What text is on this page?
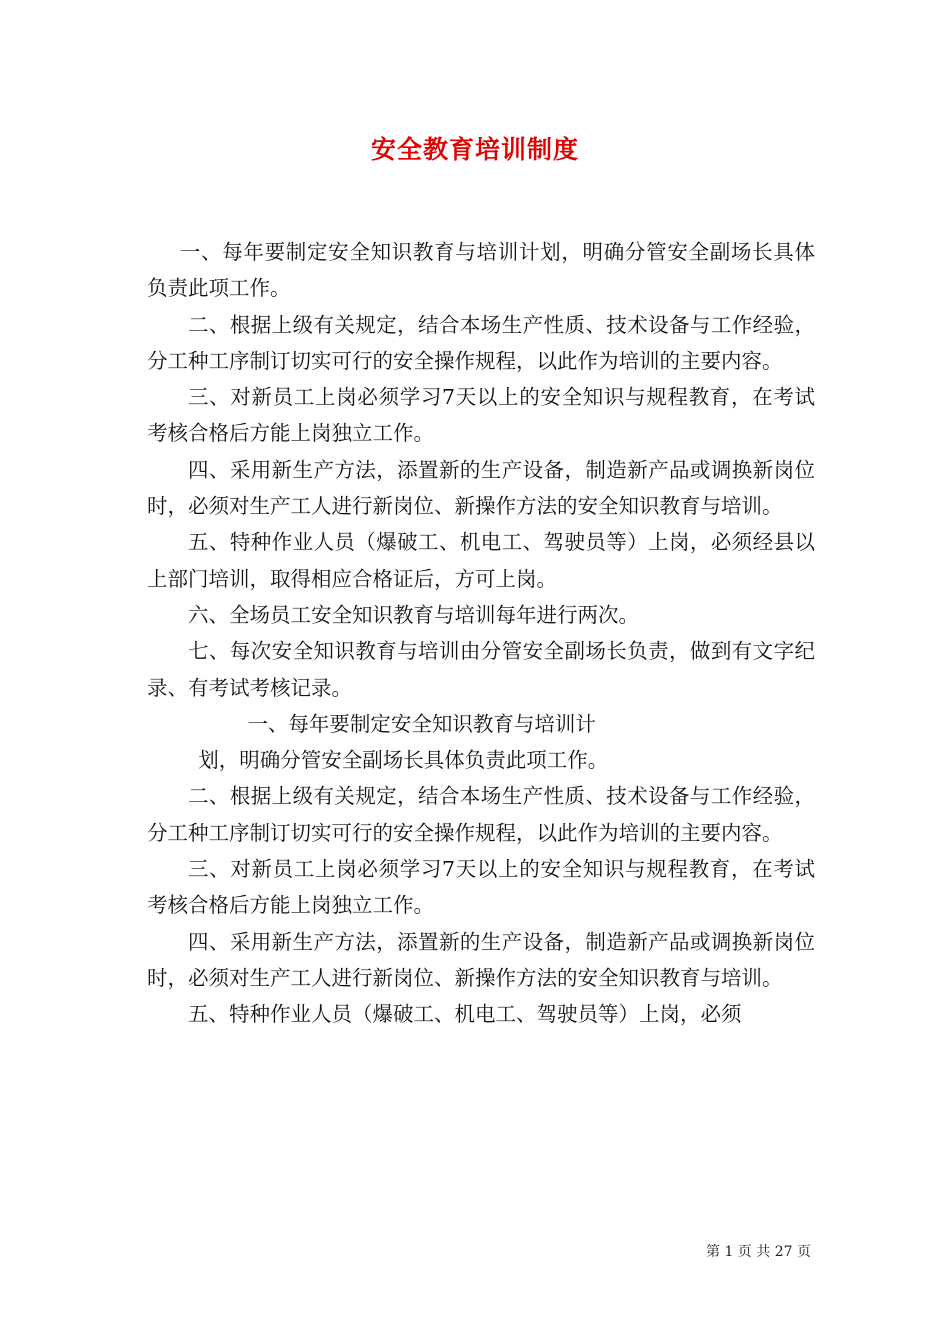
安全教育培训制度

一、每年要制定安全知识教育与培训计划，明确分管安全副场长具体负责此项工作。

二、根据上级有关规定，结合本场生产性质、技术设备与工作经验，分工种工序制订切实可行的安全操作规程，以此作为培训的主要内容。

三、对新员工上岗必须学习7天以上的安全知识与规程教育，在考试考核合格后方能上岗独立工作。

四、采用新生产方法，添置新的生产设备，制造新产品或调换新岗位时，必须对生产工人进行新岗位、新操作方法的安全知识教育与培训。

五、特种作业人员（爆破工、机电工、驾驶员等）上岗，必须经县以上部门培训，取得相应合格证后，方可上岗。

六、全场员工安全知识教育与培训每年进行两次。

七、每次安全知识教育与培训由分管安全副场长负责，做到有文字纪录、有考试考核记录。

一、每年要制定安全知识教育与培训计

划，明确分管安全副场长具体负责此项工作。

二、根据上级有关规定，结合本场生产性质、技术设备与工作经验，分工种工序制订切实可行的安全操作规程，以此作为培训的主要内容。

三、对新员工上岗必须学习7天以上的安全知识与规程教育，在考试考核合格后方能上岗独立工作。

四、采用新生产方法，添置新的生产设备，制造新产品或调换新岗位时，必须对生产工人进行新岗位、新操作方法的安全知识教育与培训。

五、特种作业人员（爆破工、机电工、驾驶员等）上岗，必须

第 1 页 共 27 页
